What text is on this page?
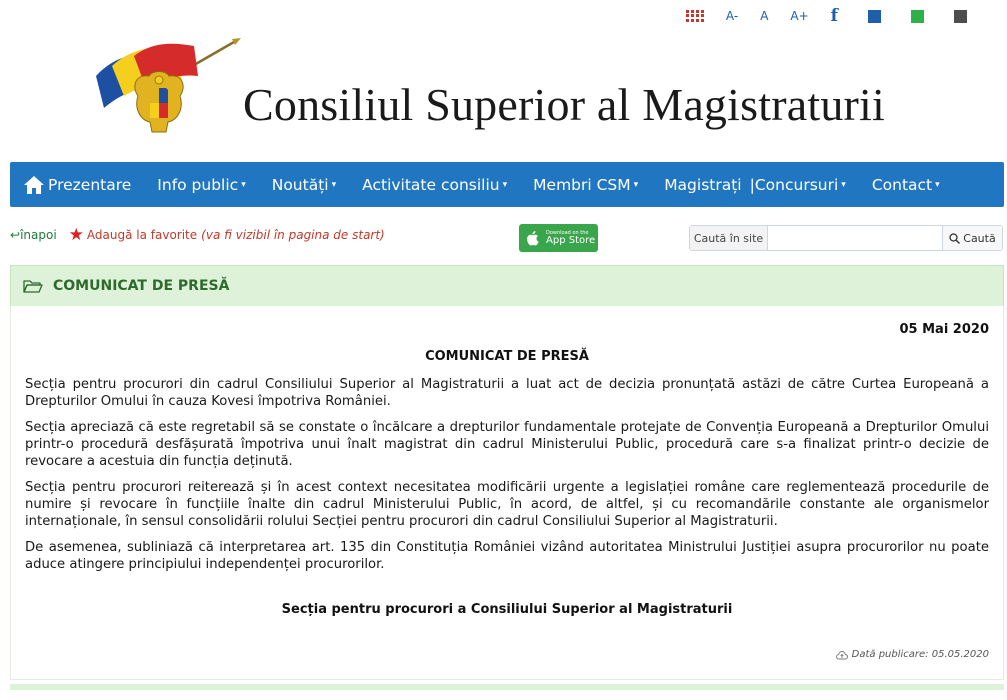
A- A A+ f
Consiliul Superior al Magistraturii
Prezentare Info public ▾ Noutăți ▾ Activitate consiliu ▾ Membri CSM ▾ Magistrați | Concursuri ▾ Contact ▾
↩înapoi ★ Adaugă la favorite (va fi vizibil în pagina de start)	Download on the
App Store	Caută în site	Caută
COMUNICAT DE PRESĂ
05 Mai 2020
COMUNICAT DE PRESĂ

Secția pentru procurori din cadrul Consiliului Superior al Magistraturii a luat act de decizia pronunțată astăzi de către Curtea Europeană a Drepturilor Omului în cauza Kovesi împotriva României.

Secția apreciază că este regretabil să se constate o încălcare a drepturilor fundamentale protejate de Convenția Europeană a Drepturilor Omului printr-o procedură desfășurată împotriva unui înalt magistrat din cadrul Ministerului Public, procedură care s-a finalizat printr-o decizie de revocare a acestuia din funcția deținută.

Secția pentru procurori reiterează și în acest context necesitatea modificării urgente a legislației române care reglementează procedurile de numire și revocare în funcțiile înalte din cadrul Ministerului Public, în acord, de altfel, și cu recomandările constante ale organismelor internaționale, în sensul consolidării rolului Secției pentru procurori din cadrul Consiliului Superior al Magistraturii.

De asemenea, subliniază că interpretarea art. 135 din Constituția României vizând autoritatea Ministrului Justiției asupra procurorilor nu poate aduce atingere principiului independenței procurorilor.

Secția pentru procurori a Consiliului Superior al Magistraturii
Dată publicare:
05.05.2020
